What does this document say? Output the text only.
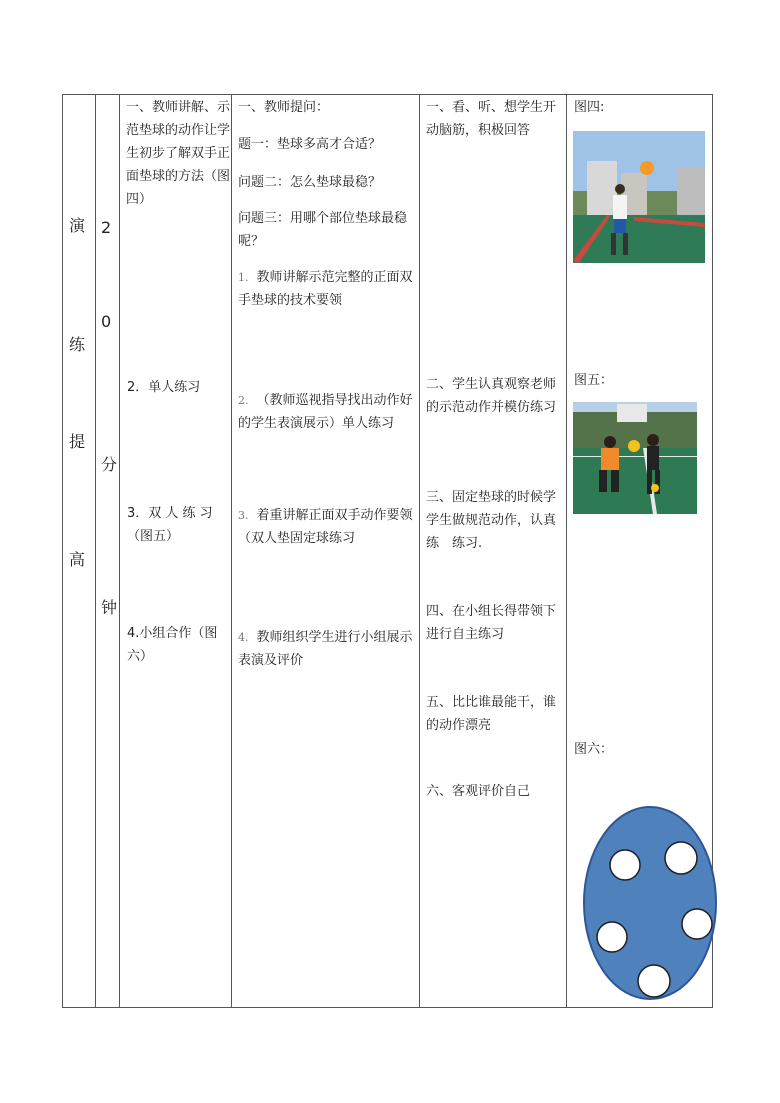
演
练
提
高
2
0
分
钟
一、教师讲解、示范垫球的动作让学生初步了解双手正面垫球的方法（图四）
2．单人练习
3．双 人 练 习（图五）
4.小组合作（图六）
一、教师提问：
题一：垫球多高才合适？
问题二：怎么垫球最稳？
问题三：用哪个部位垫球最稳呢？
1. 教师讲解示范完整的正面双手垫球的技术要领
2. （教师巡视指导找出动作好的学生表演展示）单人练习
3. 着重讲解正面双手动作要领（双人垫固定球练习
4. 教师组织学生进行小组展示表演及评价
一、看、听、想学生开动脑筋，积极回答
二、学生认真观察老师 的示范动作并模仿练习
三、固定垫球的时候学 学生做规范动作，认真　练　练习.
四、在小组长得带领下进行自主练习
五、比比谁最能干，谁的动作漂亮
六、客观评价自己
图四:
图五：
图六：
